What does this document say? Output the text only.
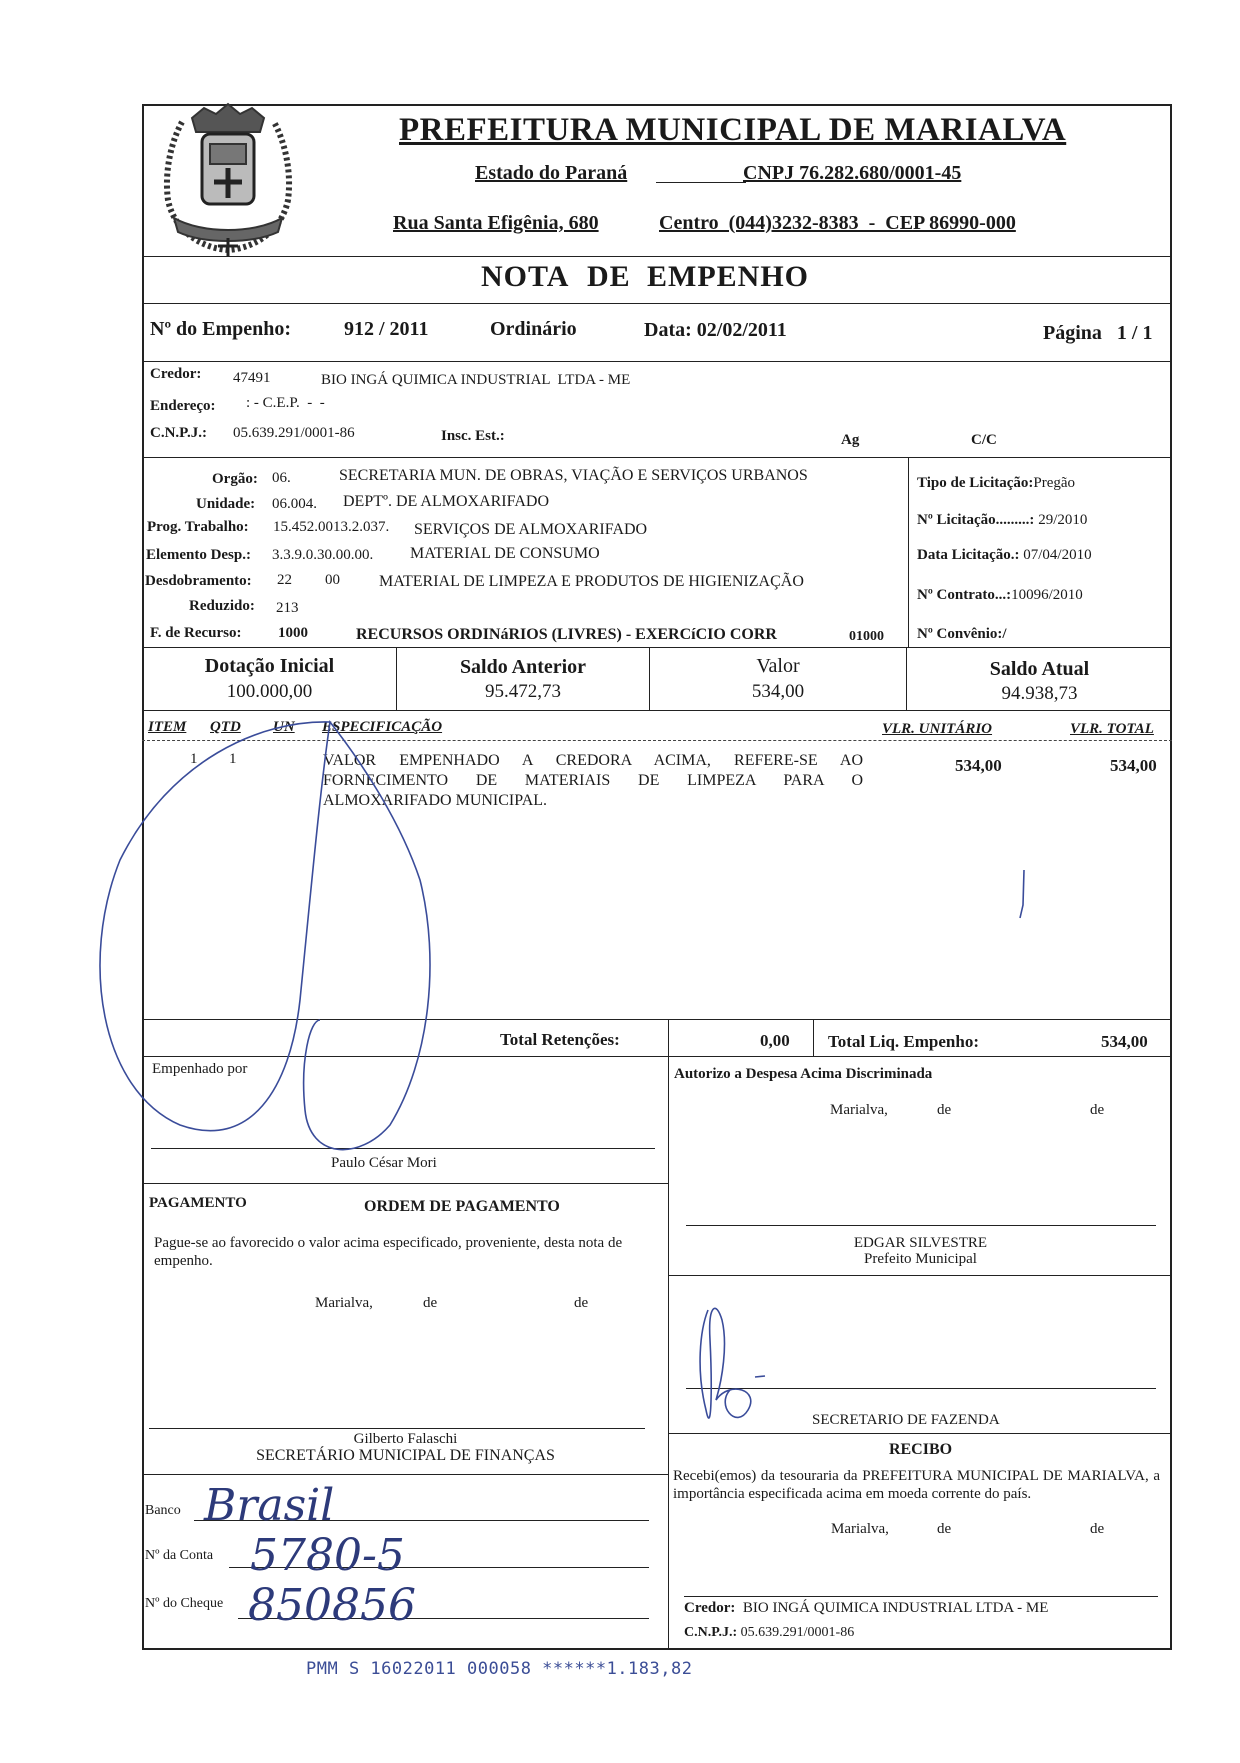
PREFEITURA MUNICIPAL DE MARIALVA
Estado do Paraná	CNPJ 76.282.680/0001-45
Rua Santa Efigênia, 680	Centro  (044)3232-8383  -  CEP 86990-000
NOTA DE EMPENHO
Nº do Empenho:	912 / 2011	Ordinário	Data: 02/02/2011	Página   1 / 1
Credor: 47491	BIO INGÁ QUIMICA INDUSTRIAL  LTDA - ME
Endereço: : - C.E.P.  -  -
C.N.P.J.: 05.639.291/0001-86	Insc. Est.:	Ag	C/C
Orgão: 06.	SECRETARIA MUN. DE OBRAS, VIAÇÃO E SERVIÇOS URBANOS
Unidade: 06.004. DEPTº. DE ALMOXARIFADO
Prog. Trabalho: 15.452.0013.2.037. SERVIÇOS DE ALMOXARIFADO
Elemento Desp.: 3.3.9.0.30.00.00. MATERIAL DE CONSUMO
Desdobramento: 22 00 MATERIAL DE LIMPEZA E PRODUTOS DE HIGIENIZAÇÃO
Reduzido: 213
F. de Recurso: 1000	RECURSOS ORDINáRIOS (LIVRES) - EXERCíCIO CORR	01000
Tipo de Licitação:Pregão
Nº Licitação.........: 29/2010
Data Licitação.: 07/04/2010
Nº Contrato...:10096/2010
Nº Convênio:/
Dotação Inicial
100.000,00
Saldo Anterior
95.472,73
Valor
534,00
Saldo Atual
94.938,73
ITEM QTD UN ESPECIFICAÇÃO	VLR. UNITÁRIO	VLR. TOTAL
1 1	VALOR EMPENHADO A CREDORA ACIMA, REFERE-SE AO
FORNECIMENTO DE MATERIAIS DE LIMPEZA PARA O
ALMOXARIFADO MUNICIPAL.
534,00	534,00
Total Retenções:	0,00 Total Liq. Empenho:	534,00
Empenhado por
Paulo César Mori
Autorizo a Despesa Acima Discriminada
Marialva,	de	de
EDGAR SILVESTRE
Prefeito Municipal
PAGAMENTO	ORDEM DE PAGAMENTO
Pague-se ao favorecido o valor acima especificado, proveniente, desta nota de empenho.
Marialva,	de	de
Gilberto Falaschi
SECRETÁRIO MUNICIPAL DE FINANÇAS
SECRETARIO DE FAZENDA
Banco
Nº da Conta
Nº do Cheque
RECIBO
Recebi(emos) da tesouraria da PREFEITURA MUNICIPAL DE MARIALVA, a importância especificada acima em moeda corrente do país.
Marialva,	de	de
Credor: BIO INGÁ QUIMICA INDUSTRIAL LTDA - ME
C.N.P.J.: 05.639.291/0001-86
PMM S 16022011 000058 ******1.183,82
Brasil
5780-5
850856
